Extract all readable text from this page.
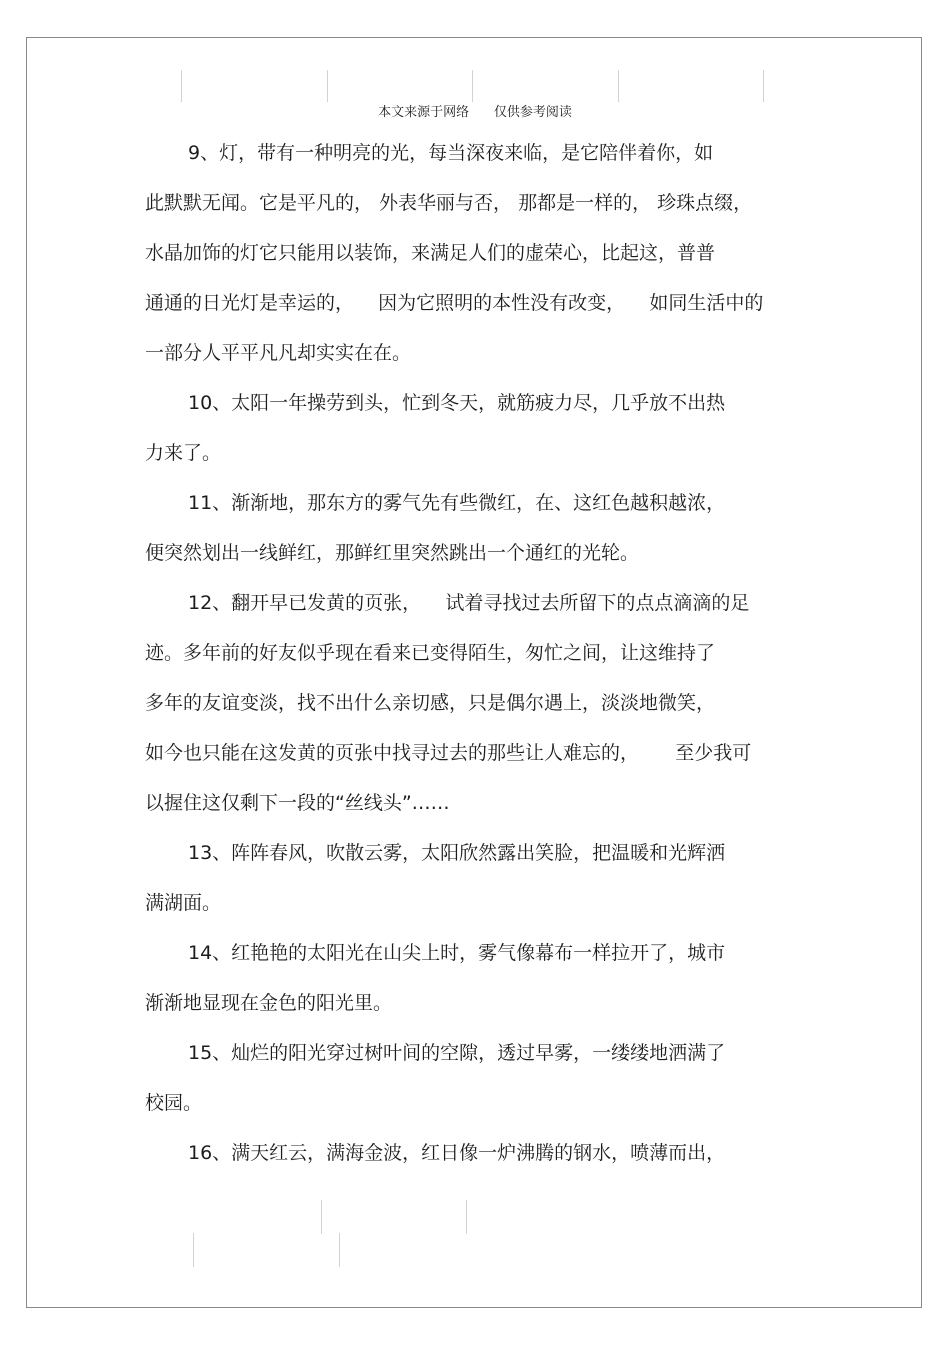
本文来源于网络      仅供参考阅读
9、灯，带有一种明亮的光，每当深夜来临，是它陪伴着你，如
此默默无闻。它是平凡的， 外表华丽与否， 那都是一样的， 珍珠点缀，
水晶加饰的灯它只能用以装饰，来满足人们的虚荣心，比起这，普普
通通的日光灯是幸运的，    因为它照明的本性没有改变，    如同生活中的
一部分人平平凡凡却实实在在。
10、太阳一年操劳到头，忙到冬天，就筋疲力尽，几乎放不出热
力来了。
11、渐渐地，那东方的雾气先有些微红，在、这红色越积越浓，
便突然划出一线鲜红，那鲜红里突然跳出一个通红的光轮。
12、翻开早已发黄的页张，    试着寻找过去所留下的点点滴滴的足
迹。多年前的好友似乎现在看来已变得陌生，匆忙之间，让这维持了
多年的友谊变淡，找不出什么亲切感，只是偶尔遇上，淡淡地微笑，
如今也只能在这发黄的页张中找寻过去的那些让人难忘的，      至少我可
以握住这仅剩下一段的“丝线头”……
13、阵阵春风，吹散云雾，太阳欣然露出笑脸，把温暖和光辉洒
满湖面。
14、红艳艳的太阳光在山尖上时，雾气像幕布一样拉开了，城市
渐渐地显现在金色的阳光里。
15、灿烂的阳光穿过树叶间的空隙，透过早雾，一缕缕地洒满了
校园。
16、满天红云，满海金波，红日像一炉沸腾的钢水，喷薄而出，
